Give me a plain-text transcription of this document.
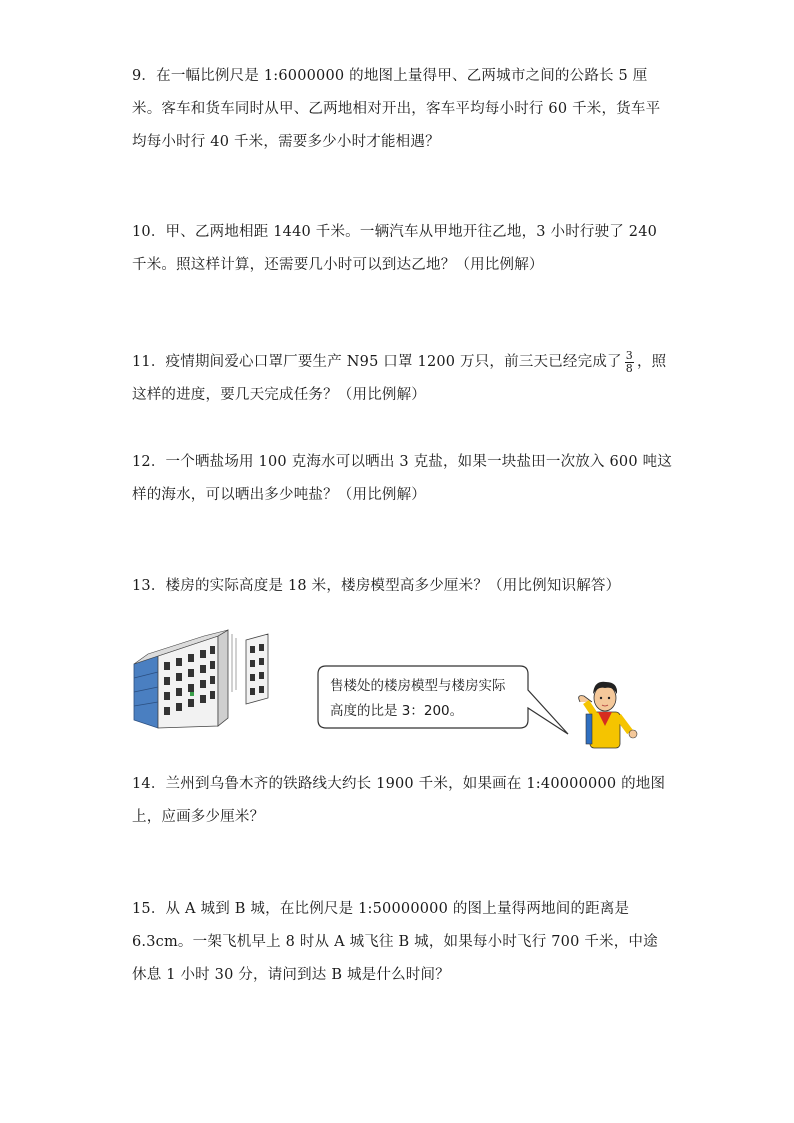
9．在一幅比例尺是 1:6000000 的地图上量得甲、乙两城市之间的公路长 5 厘米。客车和货车同时从甲、乙两地相对开出，客车平均每小时行 60 千米，货车平均每小时行 40 千米，需要多少小时才能相遇？
10．甲、乙两地相距 1440 千米。一辆汽车从甲地开往乙地，3 小时行驶了 240 千米。照这样计算，还需要几小时可以到达乙地？（用比例解）
11．疫情期间爱心口罩厂要生产 N95 口罩 1200 万只，前三天已经完成了 $\frac{3}{8}$ ，照这样的进度，要几天完成任务？（用比例解）
12．一个晒盐场用 100 克海水可以晒出 3 克盐，如果一块盐田一次放入 600 吨这样的海水，可以晒出多少吨盐？（用比例解）
13．楼房的实际高度是 18 米，楼房模型高多少厘米？（用比例知识解答）
售楼处的楼房模型与楼房实际
高度的比是 3：200。
14．兰州到乌鲁木齐的铁路线大约长 1900 千米，如果画在 1:40000000 的地图上，应画多少厘米？
15．从 A 城到 B 城，在比例尺是 1:50000000 的图上量得两地间的距离是 6.3cm。一架飞机早上 8 时从 A 城飞往 B 城，如果每小时飞行 700 千米，中途休息 1 小时 30 分，请问到达 B 城是什么时间？
